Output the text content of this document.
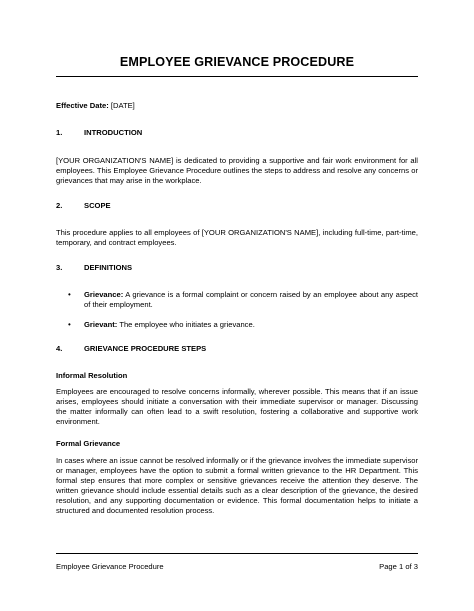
EMPLOYEE GRIEVANCE PROCEDURE
Effective Date: [DATE]
1.	INTRODUCTION
[YOUR ORGANIZATION'S NAME] is dedicated to providing a supportive and fair work environment for all employees. This Employee Grievance Procedure outlines the steps to address and resolve any concerns or grievances that may arise in the workplace.
2.	SCOPE
This procedure applies to all employees of [YOUR ORGANIZATION'S NAME], including full-time, part-time, temporary, and contract employees.
3.	DEFINITIONS
• Grievance: A grievance is a formal complaint or concern raised by an employee about any aspect of their employment.
• Grievant: The employee who initiates a grievance.
4.	GRIEVANCE PROCEDURE STEPS
Informal Resolution
Employees are encouraged to resolve concerns informally, wherever possible. This means that if an issue arises, employees should initiate a conversation with their immediate supervisor or manager. Discussing the matter informally can often lead to a swift resolution, fostering a collaborative and supportive work environment.
Formal Grievance
In cases where an issue cannot be resolved informally or if the grievance involves the immediate supervisor or manager, employees have the option to submit a formal written grievance to the HR Department. This formal step ensures that more complex or sensitive grievances receive the attention they deserve. The written grievance should include essential details such as a clear description of the grievance, the desired resolution, and any supporting documentation or evidence. This formal documentation helps to initiate a structured and documented resolution process.
Employee Grievance Procedure	Page 1 of 3
